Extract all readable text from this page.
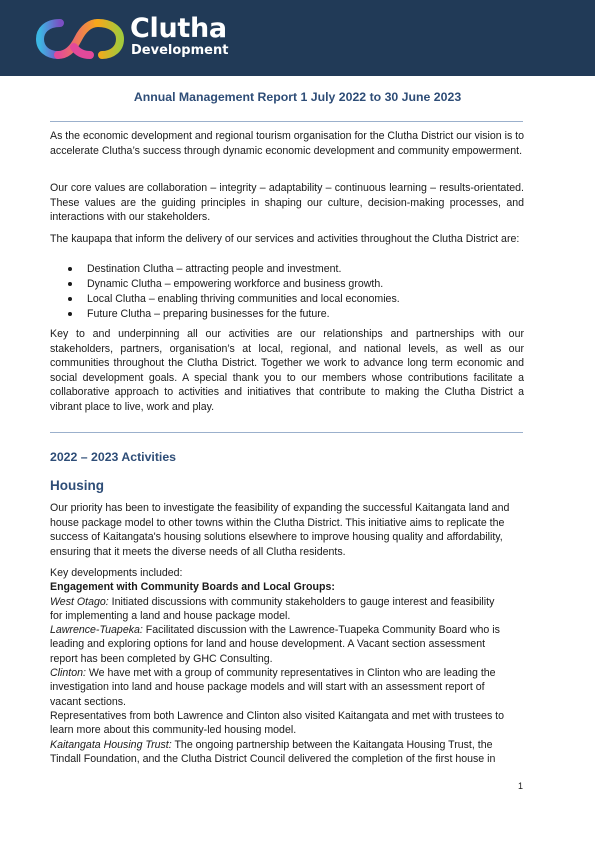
Clutha
Development
Annual Management Report 1 July 2022 to 30 June 2023

As the economic development and regional tourism organisation for the Clutha District our vision is to accelerate Clutha’s success through dynamic economic development and community empowerment.

Our core values are collaboration – integrity – adaptability – continuous learning – results-orientated. These values are the guiding principles in shaping our culture, decision-making processes, and interactions with our stakeholders.

The kaupapa that inform the delivery of our services and activities throughout the Clutha District are:

Destination Clutha – attracting people and investment.
Dynamic Clutha – empowering workforce and business growth.
Local Clutha – enabling thriving communities and local economies.
Future Clutha – preparing businesses for the future.

Key to and underpinning all our activities are our relationships and partnerships with our stakeholders, partners, organisation’s at local, regional, and national levels, as well as our communities throughout the Clutha District. Together we work to advance long term economic and social development goals. A special thank you to our members whose contributions facilitate a collaborative approach to activities and initiatives that contribute to making the Clutha District a vibrant place to live, work and play.

2022 – 2023 Activities
Housing

Our priority has been to investigate the feasibility of expanding the successful Kaitangata land and house package model to other towns within the Clutha District. This initiative aims to replicate the success of Kaitangata's housing solutions elsewhere to improve housing quality and affordability, ensuring that it meets the diverse needs of all Clutha residents.

Key developments included:
Engagement with Community Boards and Local Groups:
West Otago: Initiated discussions with community stakeholders to gauge interest and feasibility
for implementing a land and house package model.
Lawrence-Tuapeka: Facilitated discussion with the Lawrence-Tuapeka Community Board who is
leading and exploring options for land and house development. A Vacant section assessment
report has been completed by GHC Consulting.
Clinton: We have met with a group of community representatives in Clinton who are leading the
investigation into land and house package models and will start with an assessment report of
vacant sections.
Representatives from both Lawrence and Clinton also visited Kaitangata and met with trustees to
learn more about this community-led housing model.
Kaitangata Housing Trust: The ongoing partnership between the Kaitangata Housing Trust, the
Tindall Foundation, and the Clutha District Council delivered the completion of the first house in
1
